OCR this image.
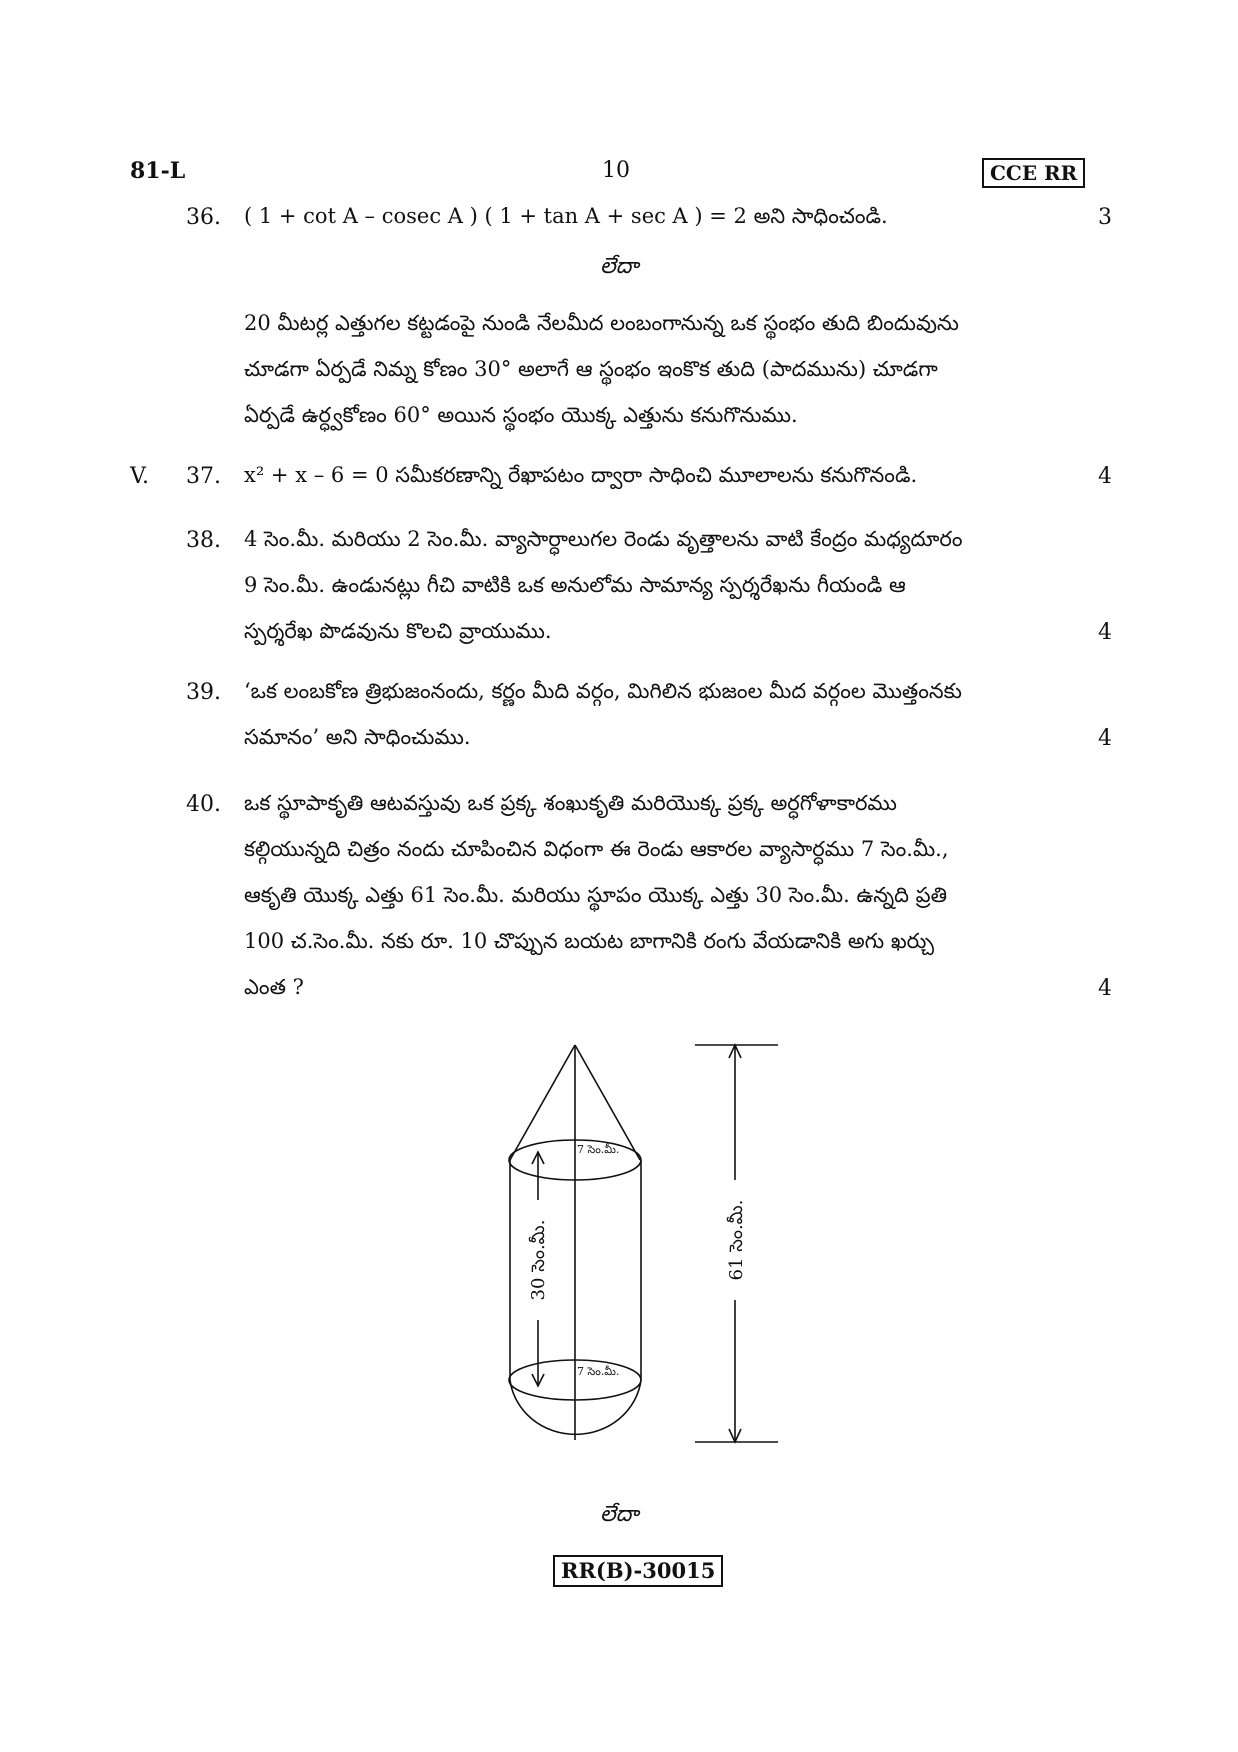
81-L	10	CCE RR
36. ( 1 + cot A – cosec A ) ( 1 + tan A + sec A ) = 2 అని సాధించండి.	3
లేదా
20 మీటర్ల ఎత్తుగల కట్టడంపై నుండి నేలమీద లంబంగానున్న ఒక స్థంభం తుది బిందువును
చూడగా ఏర్పడే నిమ్న కోణం 30° అలాగే ఆ స్థంభం ఇంకొక తుది (పాదమును) చూడగా
ఏర్పడే ఉర్ధ్వకోణం 60° అయిన స్థంభం యొక్క ఎత్తును కనుగొనుము.
V. 37. x² + x – 6 = 0 సమీకరణాన్ని రేఖాపటం ద్వారా సాధించి మూలాలను కనుగొనండి.	4
38. 4 సెం.మీ. మరియు 2 సెం.మీ. వ్యాసార్ధాలుగల రెండు వృత్తాలను వాటి కేంద్రం మధ్యదూరం
9 సెం.మీ. ఉండునట్లు గీచి వాటికి ఒక అనులోమ సామాన్య స్పర్శరేఖను గీయండి ఆ
స్పర్శరేఖ పొడవును కొలచి వ్రాయుము.	4
39. ‘ఒక లంబకోణ త్రిభుజంనందు, కర్ణం మీది వర్గం, మిగిలిన భుజంల మీద వర్గంల మొత్తంనకు
సమానం’ అని సాధించుము.	4
40. ఒక స్థూపాకృతి ఆటవస్తువు ఒక ప్రక్క శంఖుకృతి మరియొక్క ప్రక్క అర్ధగోళాకారము
కల్గియున్నది చిత్రం నందు చూపించిన విధంగా ఈ రెండు ఆకారల వ్యాసార్ధము 7 సెం.మీ.,
ఆకృతి యొక్క ఎత్తు 61 సెం.మీ. మరియు స్థూపం యొక్క ఎత్తు 30 సెం.మీ. ఉన్నది ప్రతి
100 చ.సెం.మీ. నకు రూ. 10 చొప్పున బయట బాగానికి రంగు వేయడానికి అగు ఖర్చు
ఎంత ?	4
7 సెం.మీ.
7 సెం.మీ.
30 సెం.మీ.	61 సెం.మీ.
లేదా
RR(B)-30015
